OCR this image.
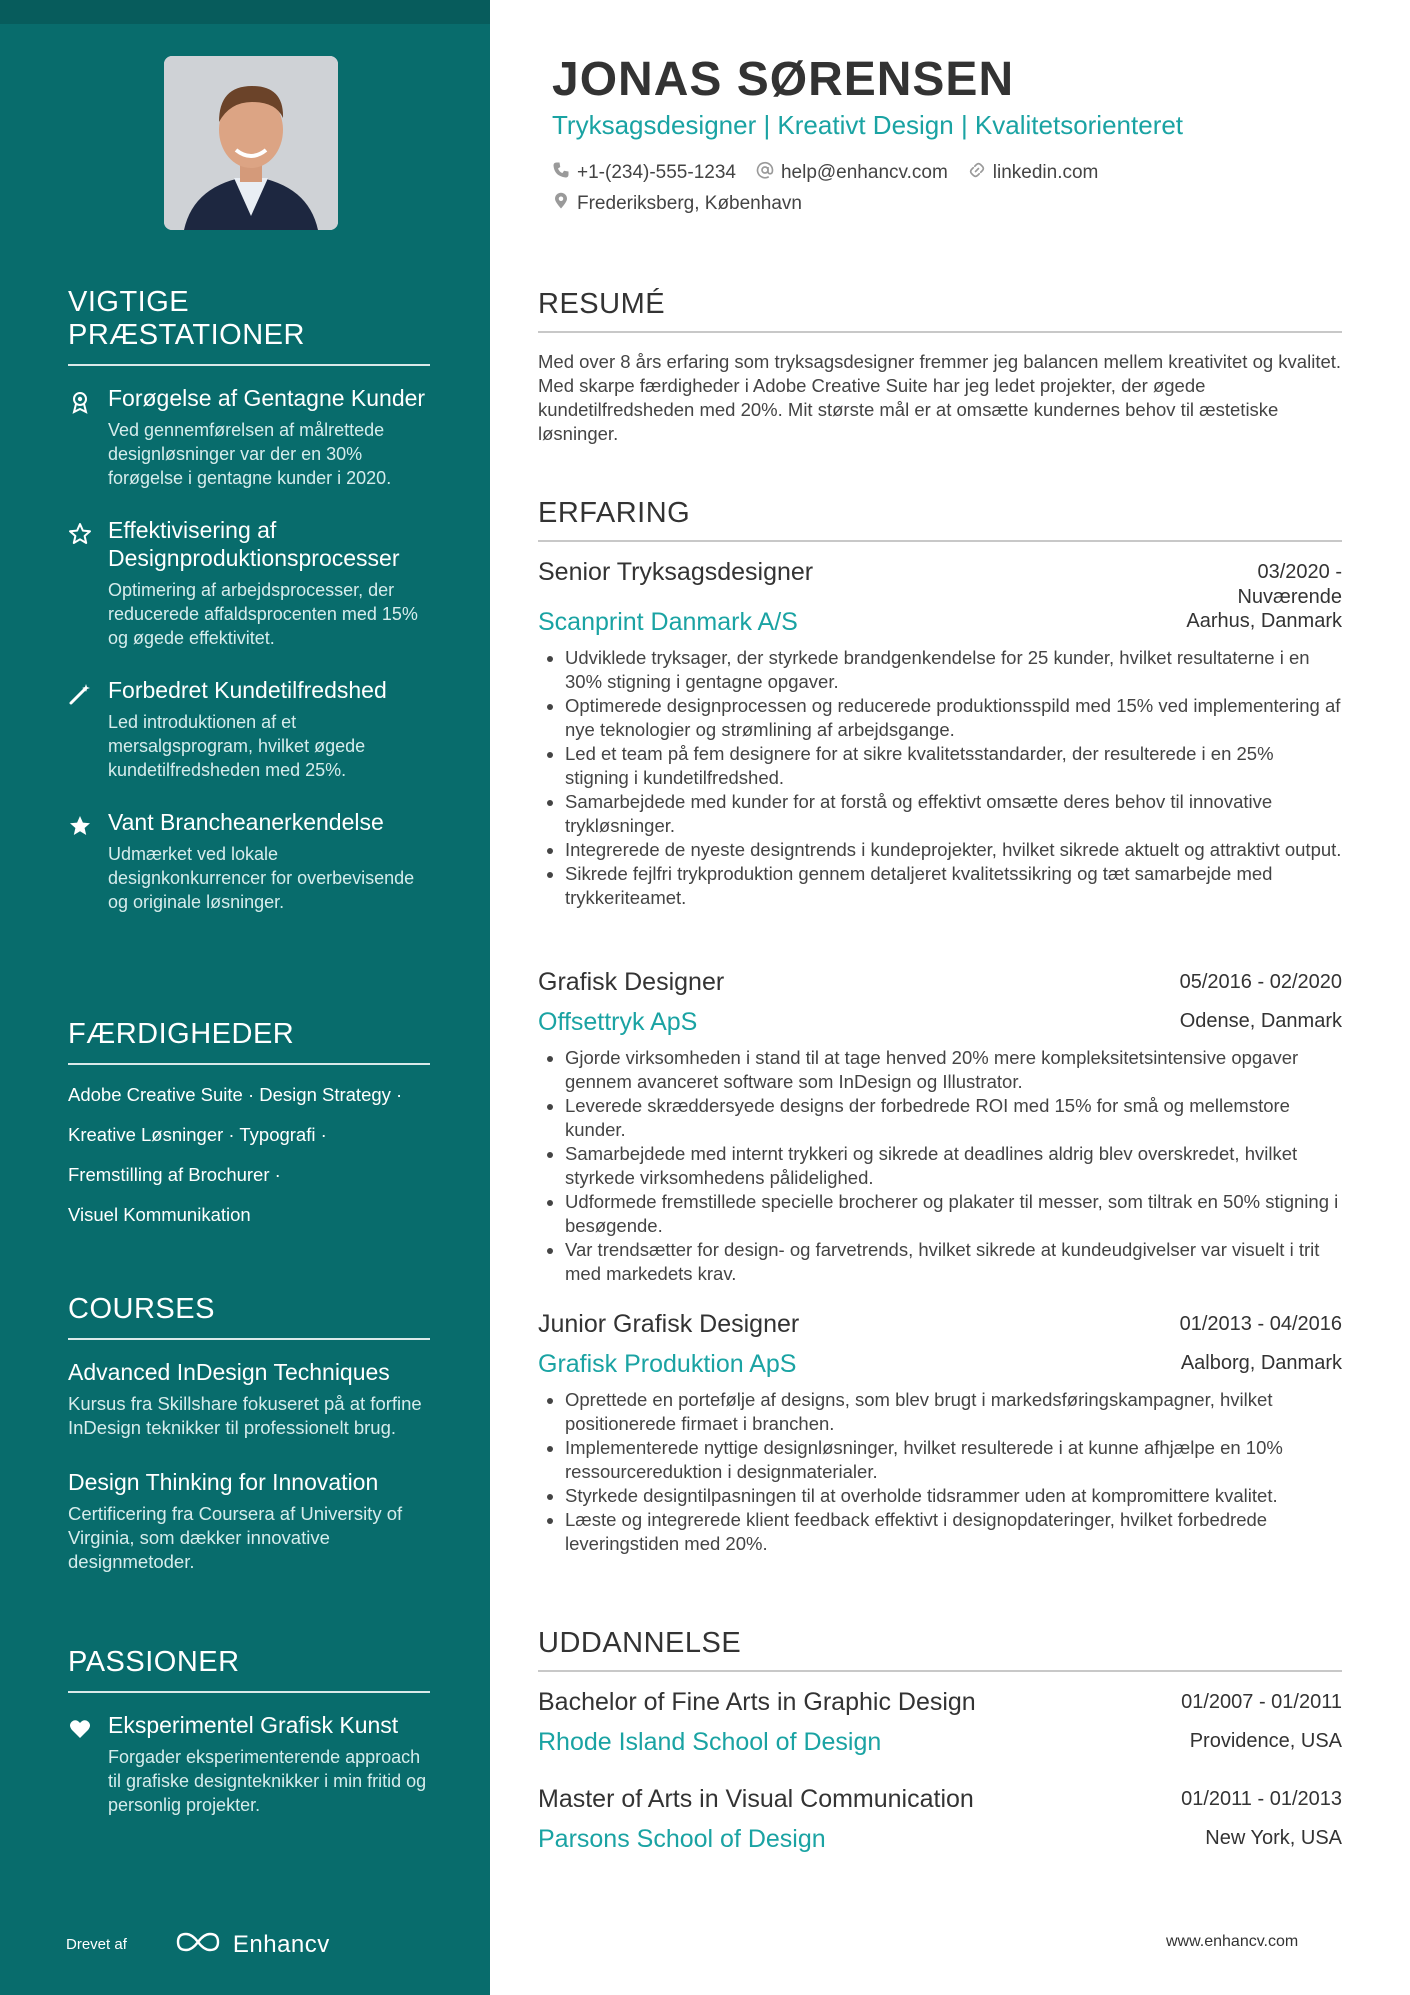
VIGTIGE PRÆSTATIONER
Forøgelse af Gentagne Kunder
Ved gennemførelsen af målrettede designløsninger var der en 30% forøgelse i gentagne kunder i 2020.
Effektivisering af Designproduktionsprocesser
Optimering af arbejdsprocesser, der reducerede affaldsprocenten med 15% og øgede effektivitet.
Forbedret Kundetilfredshed
Led introduktionen af et mersalgsprogram, hvilket øgede kundetilfredsheden med 25%.
Vant Brancheanerkendelse
Udmærket ved lokale designkonkurrencer for overbevisende og originale løsninger.
FÆRDIGHEDER
Adobe Creative Suite · Design Strategy ·
Kreative Løsninger · Typografi ·
Fremstilling af Brochurer ·
Visuel Kommunikation
COURSES
Advanced InDesign Techniques
Kursus fra Skillshare fokuseret på at forfine InDesign teknikker til professionelt brug.
Design Thinking for Innovation
Certificering fra Coursera af University of Virginia, som dækker innovative designmetoder.
PASSIONER
Eksperimentel Grafisk Kunst
Forgader eksperimenterende approach til grafiske designteknikker i min fritid og personlig projekter.
Drevet af	Enhancv
JONAS SØRENSEN
Tryksagsdesigner | Kreativt Design | Kvalitetsorienteret
+1-(234)-555-1234 help@enhancv.com linkedin.com
Frederiksberg, København
RESUMÉ
Med over 8 års erfaring som tryksagsdesigner fremmer jeg balancen mellem kreativitet og kvalitet. Med skarpe færdigheder i Adobe Creative Suite har jeg ledet projekter, der øgede kundetilfredsheden med 20%. Mit største mål er at omsætte kundernes behov til æstetiske løsninger.
ERFARING
Senior Tryksagsdesigner	03/2020 -
Nuværende
Scanprint Danmark A/S	Aarhus, Danmark
• Udviklede tryksager, der styrkede brandgenkendelse for 25 kunder, hvilket resultaterne i en 30% stigning i gentagne opgaver.
• Optimerede designprocessen og reducerede produktionsspild med 15% ved implementering af nye teknologier og strømlining af arbejdsgange.
• Led et team på fem designere for at sikre kvalitetsstandarder, der resulterede i en 25% stigning i kundetilfredshed.
• Samarbejdede med kunder for at forstå og effektivt omsætte deres behov til innovative trykløsninger.
• Integrerede de nyeste designtrends i kundeprojekter, hvilket sikrede aktuelt og attraktivt output.
• Sikrede fejlfri trykproduktion gennem detaljeret kvalitetssikring og tæt samarbejde med trykkeriteamet.
Grafisk Designer	05/2016 - 02/2020
Offsettryk ApS	Odense, Danmark
• Gjorde virksomheden i stand til at tage henved 20% mere kompleksitetsintensive opgaver gennem avanceret software som InDesign og Illustrator.
• Leverede skræddersyede designs der forbedrede ROI med 15% for små og mellemstore kunder.
• Samarbejdede med internt trykkeri og sikrede at deadlines aldrig blev overskredet, hvilket styrkede virksomhedens pålidelighed.
• Udformede fremstillede specielle brocherer og plakater til messer, som tiltrak en 50% stigning i besøgende.
• Var trendsætter for design- og farvetrends, hvilket sikrede at kundeudgivelser var visuelt i trit med markedets krav.
Junior Grafisk Designer	01/2013 - 04/2016
Grafisk Produktion ApS	Aalborg, Danmark
• Oprettede en portefølje af designs, som blev brugt i markedsføringskampagner, hvilket positionerede firmaet i branchen.
• Implementerede nyttige designløsninger, hvilket resulterede i at kunne afhjælpe en 10% ressourcereduktion i designmaterialer.
• Styrkede designtilpasningen til at overholde tidsrammer uden at kompromittere kvalitet.
• Læste og integrerede klient feedback effektivt i designopdateringer, hvilket forbedrede leveringstiden med 20%.
UDDANNELSE
Bachelor of Fine Arts in Graphic Design	01/2007 - 01/2011
Rhode Island School of Design	Providence, USA
Master of Arts in Visual Communication	01/2011 - 01/2013
Parsons School of Design	New York, USA
www.enhancv.com
